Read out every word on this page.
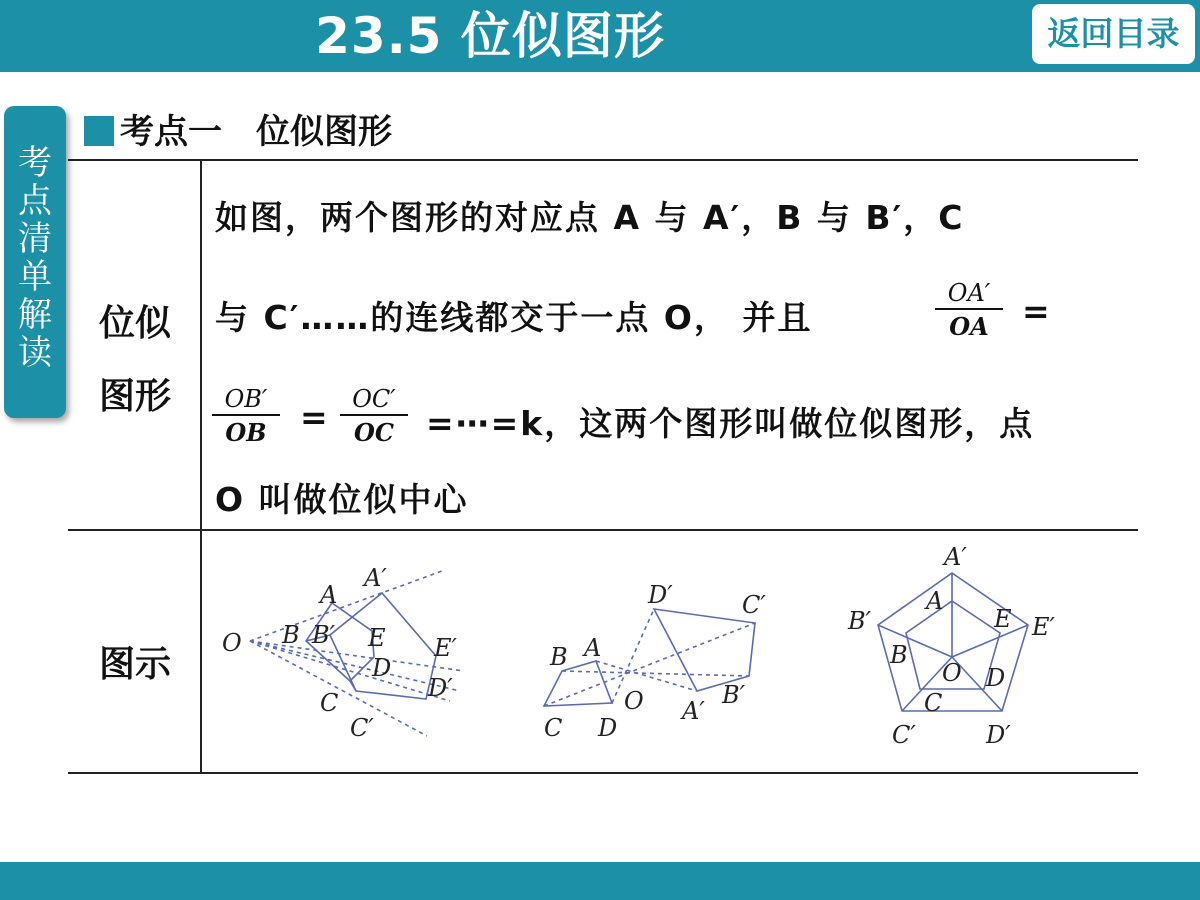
23.5 位似图形	返回目录
考点清单解读
考点一　位似图形
位似
图形
如图，两个图形的对应点 A 与 A′，B 与 B′，C
与 C′……的连线都交于一点 O， 并且
OA′
OA	=
OB′
OB	=	OC′
OC =⋯=k，这两个图形叫做位似图形，点
O 叫做位似中心
图示
O
A
A′
B B′ E
D
E′
D′
C
C′
B A
C D
O
D′	C′
A′
B′
A′
A
B′
B
E E′
O D
C
C′	D′
